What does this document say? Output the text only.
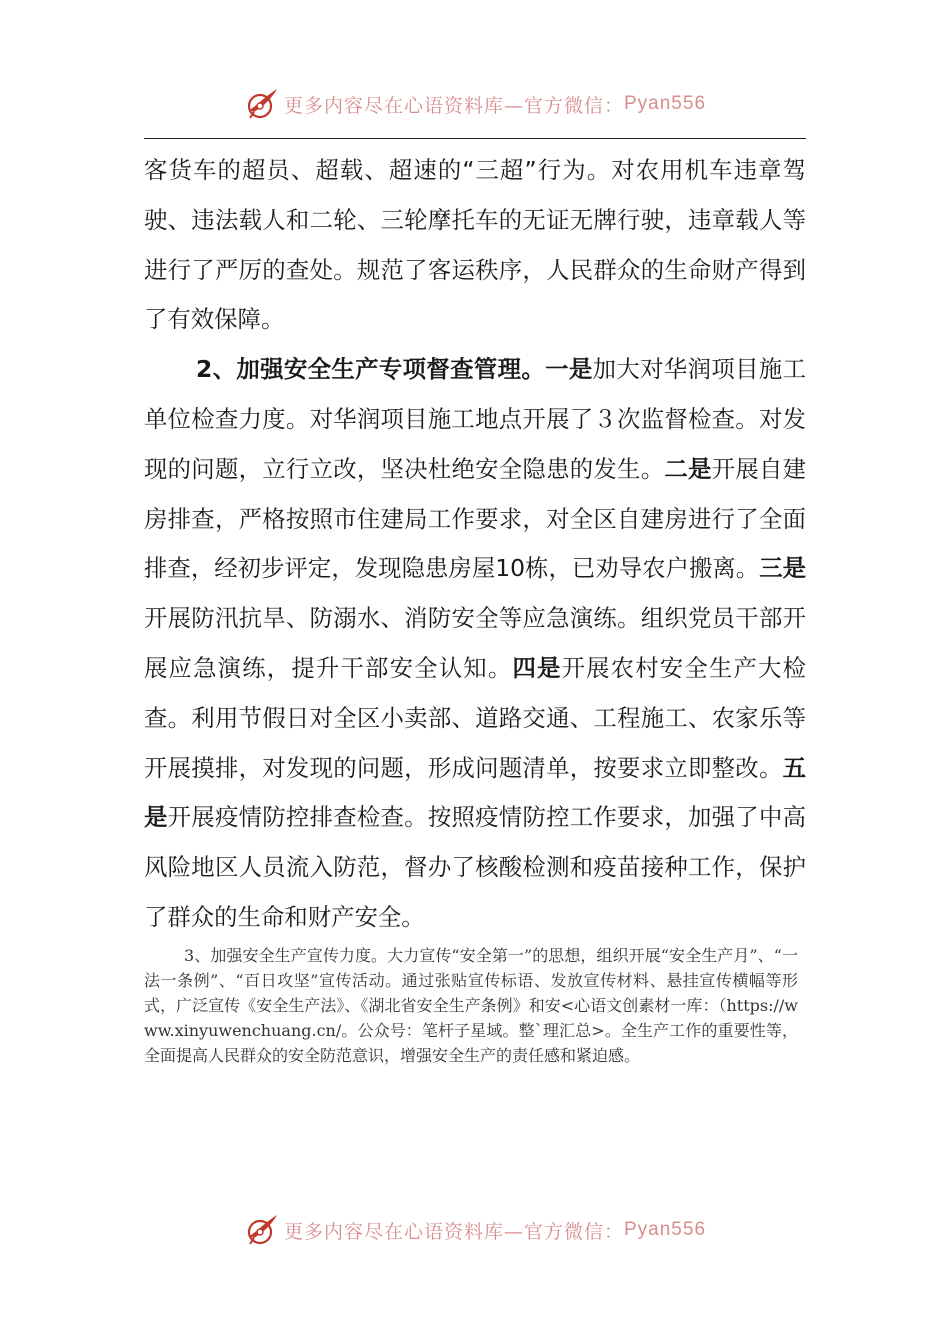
更多内容尽在心语资料库—官方微信： Pyan556

客货车的超员、超载、超速的“三超”行为。对农用机车违章驾驶、违法载人和二轮、三轮摩托车的无证无牌行驶，违章载人等进行了严厉的查处。规范了客运秩序，人民群众的生命财产得到了有效保障。

2、加强安全生产专项督查管理。一是加大对华润项目施工单位检查力度。对华润项目施工地点开展了３次监督检查。对发现的问题，立行立改，坚决杜绝安全隐患的发生。二是开展自建房排查，严格按照市住建局工作要求，对全区自建房进行了全面排查，经初步评定，发现隐患房屋10栋，已劝导农户搬离。三是开展防汛抗旱、防溺水、消防安全等应急演练。组织党员干部开展应急演练，提升干部安全认知。四是开展农村安全生产大检查。利用节假日对全区小卖部、道路交通、工程施工、农家乐等开展摸排，对发现的问题，形成问题清单，按要求立即整改。五是开展疫情防控排查检查。按照疫情防控工作要求，加强了中高风险地区人员流入防范，督办了核酸检测和疫苗接种工作，保护了群众的生命和财产安全。

3、加强安全生产宣传力度。大力宣传“安全第一”的思想，组织开展“安全生产月”、“一法一条例”、“百日攻坚”宣传活动。通过张贴宣传标语、发放宣传材料、悬挂宣传横幅等形式，广泛宣传《安全生产法》、《湖北省安全生产条例》和安<心语文创素材一库：（https://www.xinyuwenchuang.cn/。公众号：笔杆子星域。整`理汇总>。全生产工作的重要性等，全面提高人民群众的安全防范意识，增强安全生产的责任感和紧迫感。

更多内容尽在心语资料库—官方微信： Pyan556
